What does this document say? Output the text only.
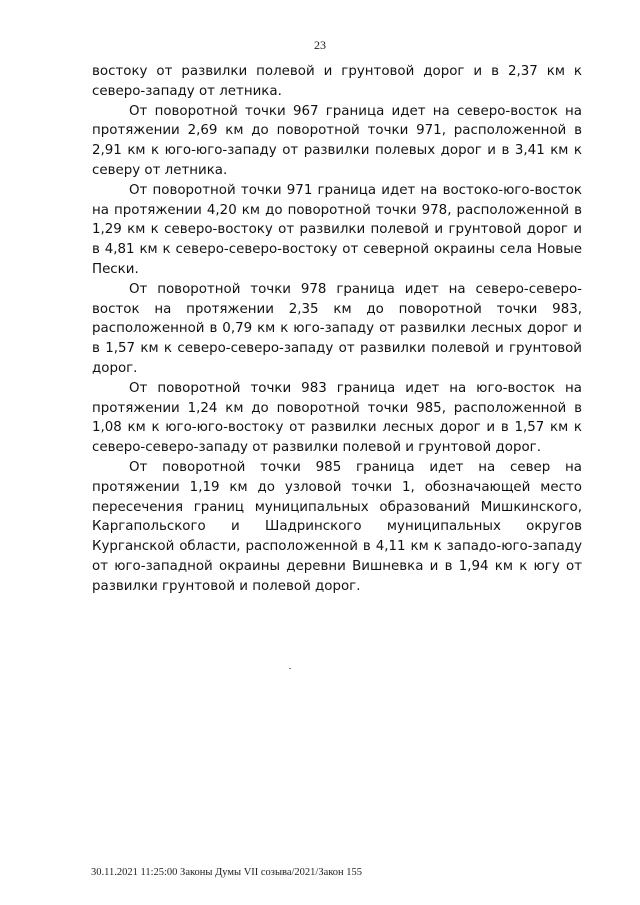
23

востоку от развилки полевой и грунтовой дорог и в 2,37 км к северо-западу от летника.

От поворотной точки 967 граница идет на северо-восток на протяжении 2,69 км до поворотной точки 971, расположенной в 2,91 км к юго-юго-западу от развилки полевых дорог и в 3,41 км к северу от летника.

От поворотной точки 971 граница идет на востоко-юго-восток на протяжении 4,20 км до поворотной точки 978, расположенной в 1,29 км к северо-востоку от развилки полевой и грунтовой дорог и в 4,81 км к северо-северо-востоку от северной окраины села Новые Пески.

От поворотной точки 978 граница идет на северо-северо-восток на протяжении 2,35 км до поворотной точки 983, расположенной в 0,79 км к юго-западу от развилки лесных дорог и в 1,57 км к северо-северо-западу от развилки полевой и грунтовой дорог.

От поворотной точки 983 граница идет на юго-восток на протяжении 1,24 км до поворотной точки 985, расположенной в 1,08 км к юго-юго-востоку от развилки лесных дорог и в 1,57 км к северо-северо-западу от развилки полевой и грунтовой дорог.

От поворотной точки 985 граница идет на север на протяжении 1,19 км до узловой точки 1, обозначающей место пересечения границ муниципальных образований Мишкинского, Каргапольского и Шадринского муниципальных округов Курганской области, расположенной в 4,11 км к западо-юго-западу от юго-западной окраины деревни Вишневка и в 1,94 км к югу от развилки грунтовой и полевой дорог.

30.11.2021 11:25:00 Законы Думы VII созыва/2021/Закон 155
